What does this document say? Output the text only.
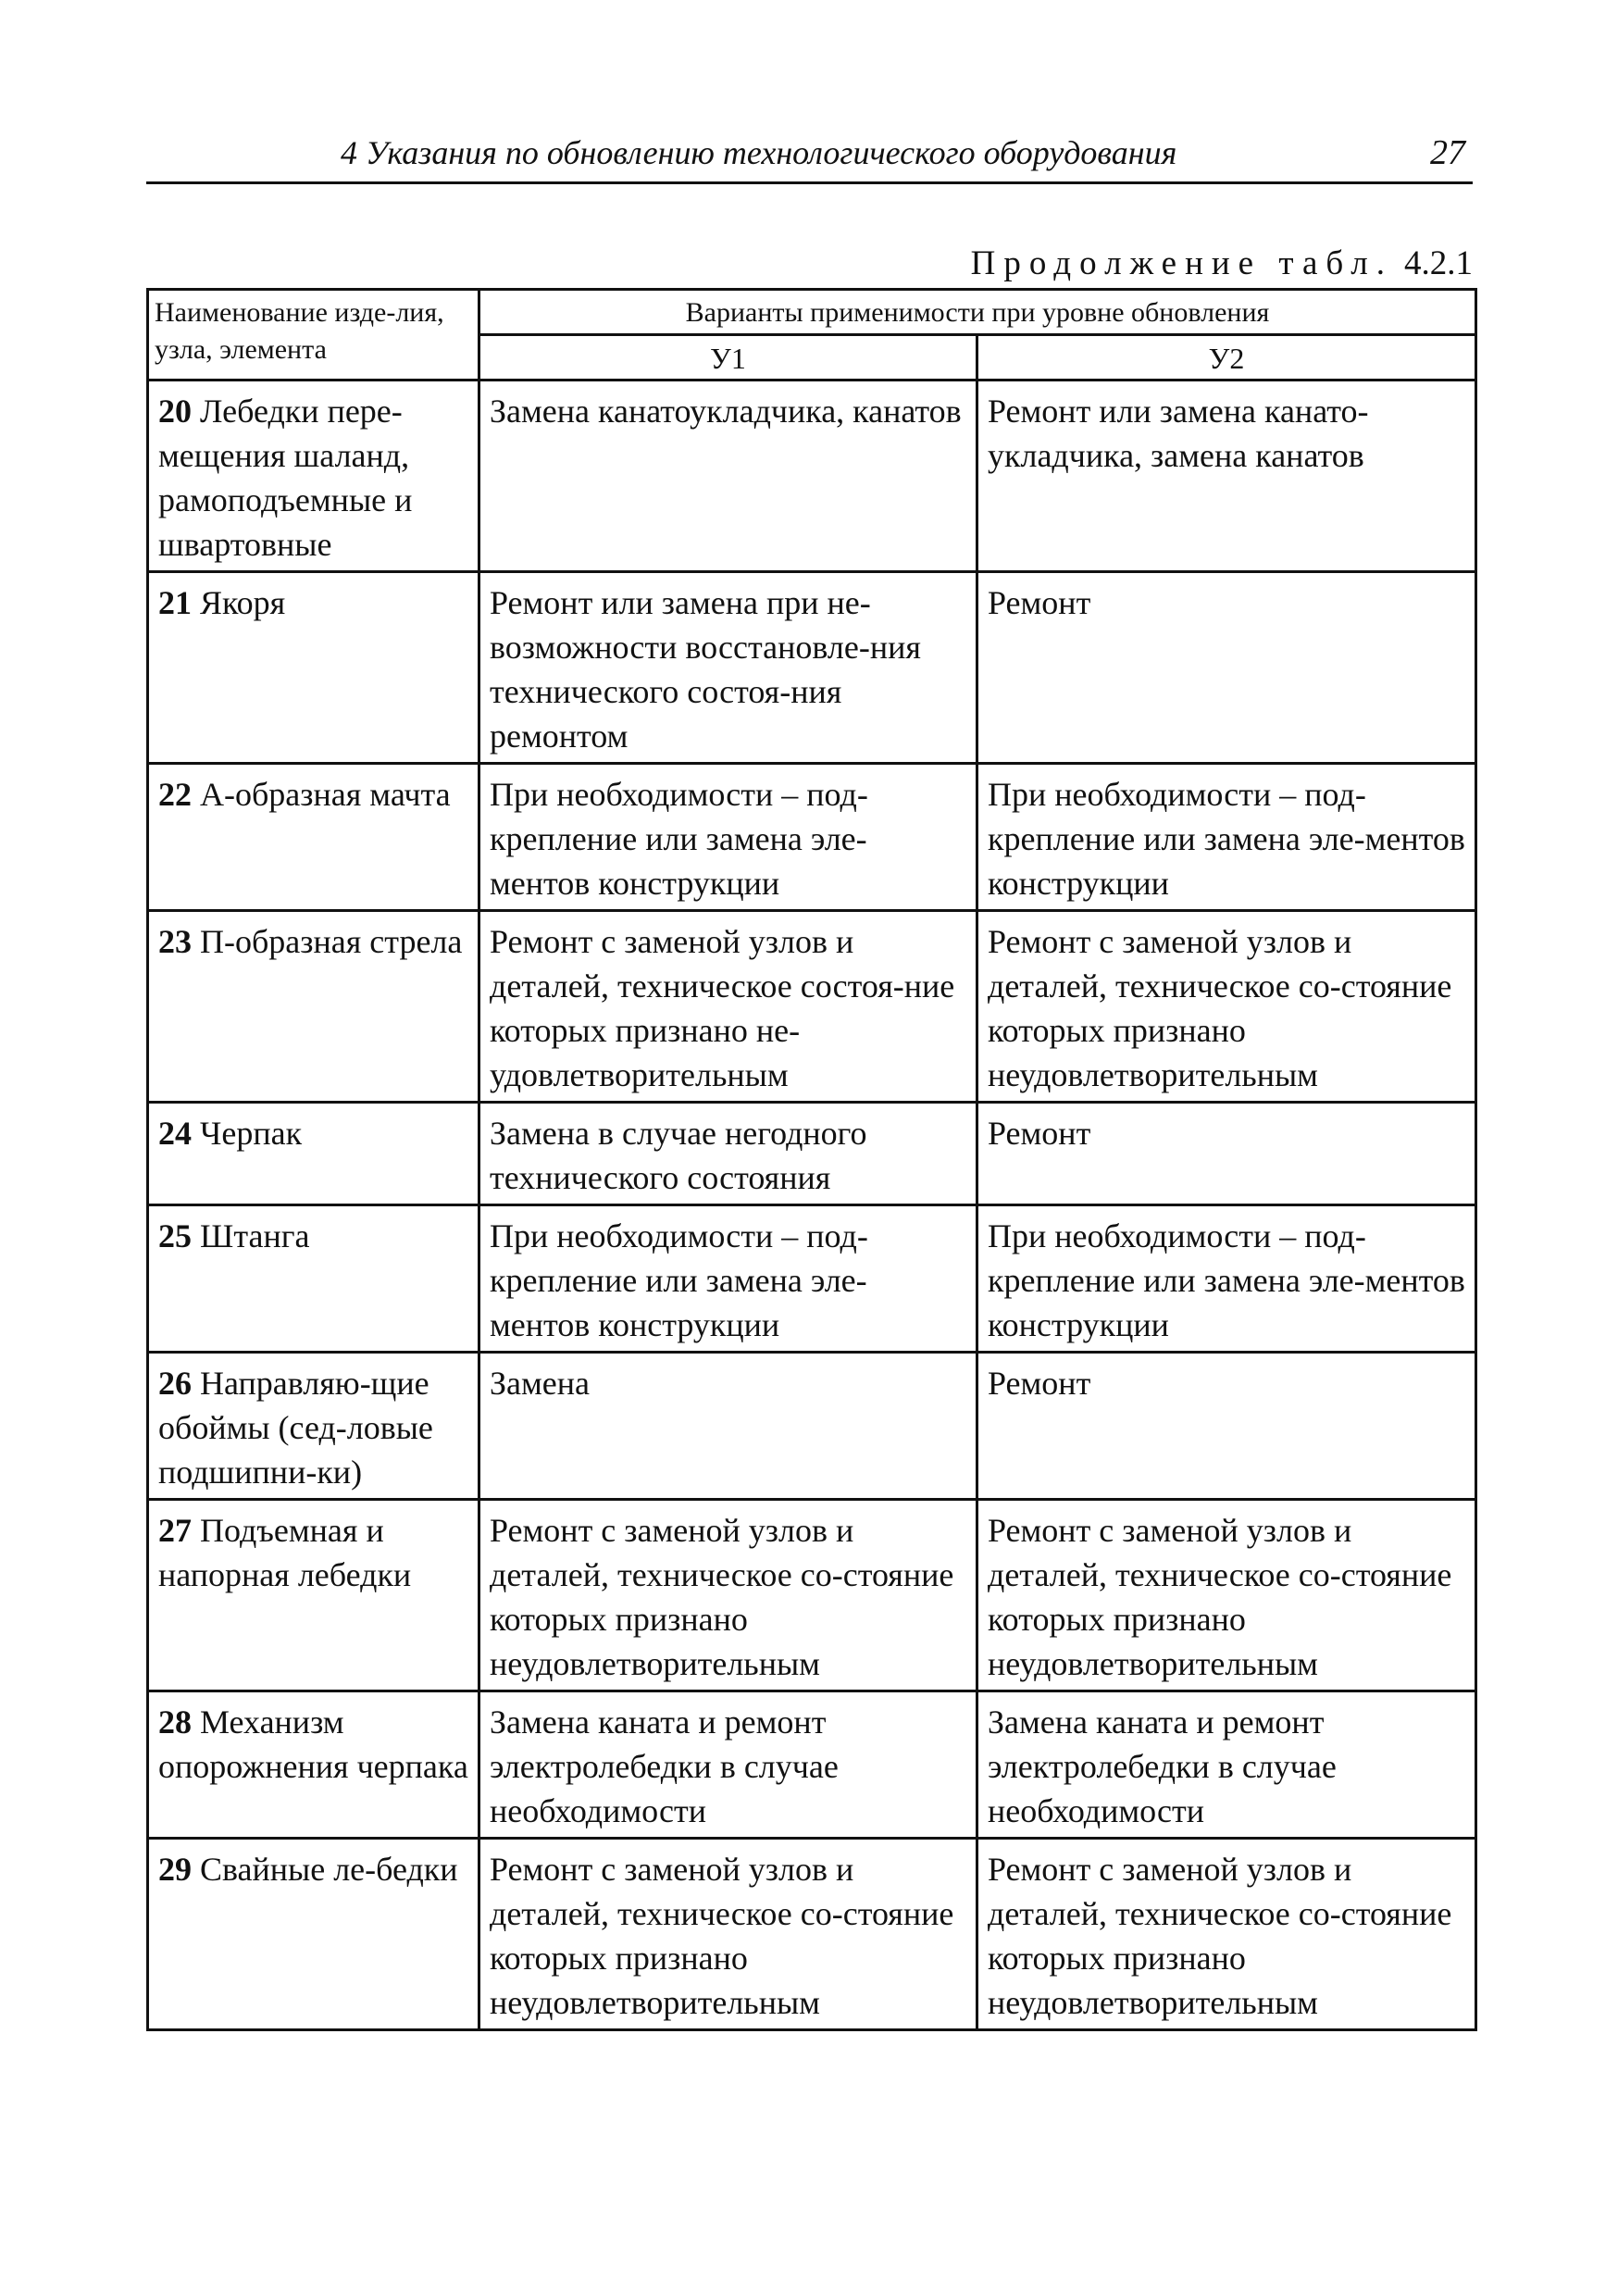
4 Указания по обновлению технологического оборудования	27
Продолжение табл. 4.2.1
Наименование изде-лия, узла, элемента	Варианты применимости при уровне обновления	
	У1	У2
20 Лебедки пере-мещения шаланд, рамоподъемные и швартовные	Замена канатоукладчика, канатов	Ремонт или замена канато-укладчика, замена канатов
21 Якоря	Ремонт или замена при не-возможности восстановле-ния технического состоя-ния ремонтом	Ремонт
22 А-образная мачта	При необходимости – под-крепление или замена эле-ментов конструкции	При необходимости – под-крепление или замена эле-ментов конструкции
23 П-образная стрела	Ремонт с заменой узлов и деталей, техническое состоя-ние которых признано не-удовлетворительным	Ремонт с заменой узлов и деталей, техническое со-стояние которых признано неудовлетворительным
24 Черпак	Замена в случае негодного технического состояния	Ремонт
25 Штанга	При необходимости – под-крепление или замена эле-ментов конструкции	При необходимости – под-крепление или замена эле-ментов конструкции
26 Направляю-щие обоймы (сед-ловые подшипни-ки)	Замена	Ремонт
27 Подъемная и напорная лебедки	Ремонт с заменой узлов и деталей, техническое со-стояние которых признано неудовлетворительным	Ремонт с заменой узлов и деталей, техническое со-стояние которых признано неудовлетворительным
28 Механизм опорожнения черпака	Замена каната и ремонт электролебедки в случае необходимости	Замена каната и ремонт электролебедки в случае необходимости
29 Свайные ле-бедки	Ремонт с заменой узлов и деталей, техническое со-стояние которых признано неудовлетворительным	Ремонт с заменой узлов и деталей, техническое со-стояние которых признано неудовлетворительным
